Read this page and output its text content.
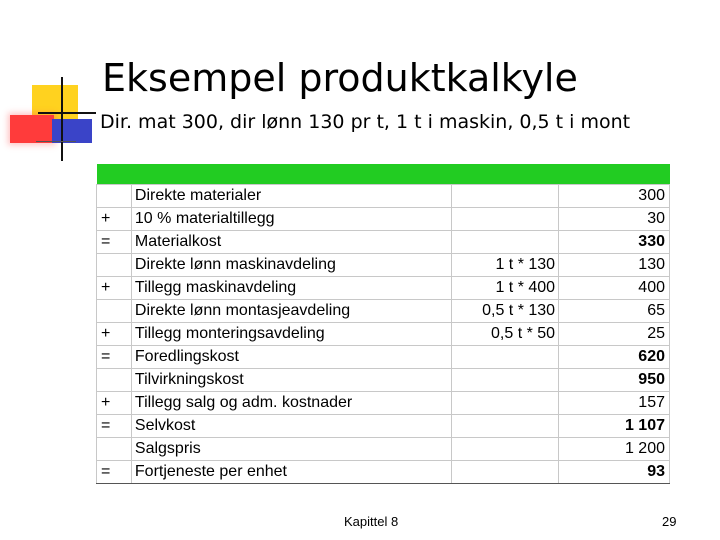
Eksempel produktkalkyle
Dir. mat 300, dir lønn 130 pr t, 1 t i maskin, 0,5 t i mont

	Direkte materialer		300
+	10 % materialtillegg		30
=	Materialkost		330
	Direkte lønn maskinavdeling	1 t * 130	130
+	Tillegg maskinavdeling	1 t * 400	400
	Direkte lønn montasjeavdeling	0,5 t * 130	65
+	Tillegg monteringsavdeling	0,5 t * 50	25
=	Foredlingskost		620
	Tilvirkningskost		950
+	Tillegg salg og adm. kostnader		157
=	Selvkost		1 107
	Salgspris		1 200
=	Fortjeneste per enhet		93
Kapittel 8	29
